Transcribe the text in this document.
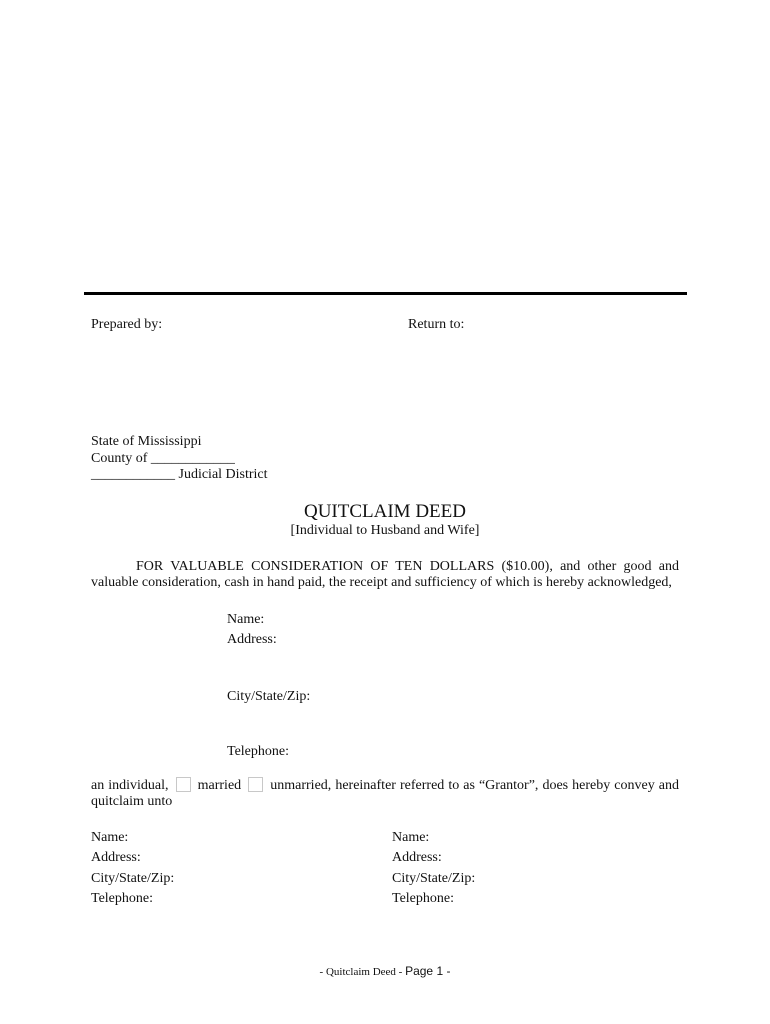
Prepared by:	Return to:
State of Mississippi
County of ____________
____________ Judicial District
QUITCLAIM DEED
[Individual to Husband and Wife]
FOR VALUABLE CONSIDERATION OF TEN DOLLARS ($10.00), and other good and
valuable consideration, cash in hand paid, the receipt and sufficiency of which is hereby acknowledged,
Name:
Address:
City/State/Zip:
Telephone:
an individual, married unmarried, hereinafter referred to as “Grantor”, does hereby convey and
quitclaim unto
Name:
Address:
City/State/Zip:
Telephone:
Name:
Address:
City/State/Zip:
Telephone:
- Quitclaim Deed - Page 1 -
